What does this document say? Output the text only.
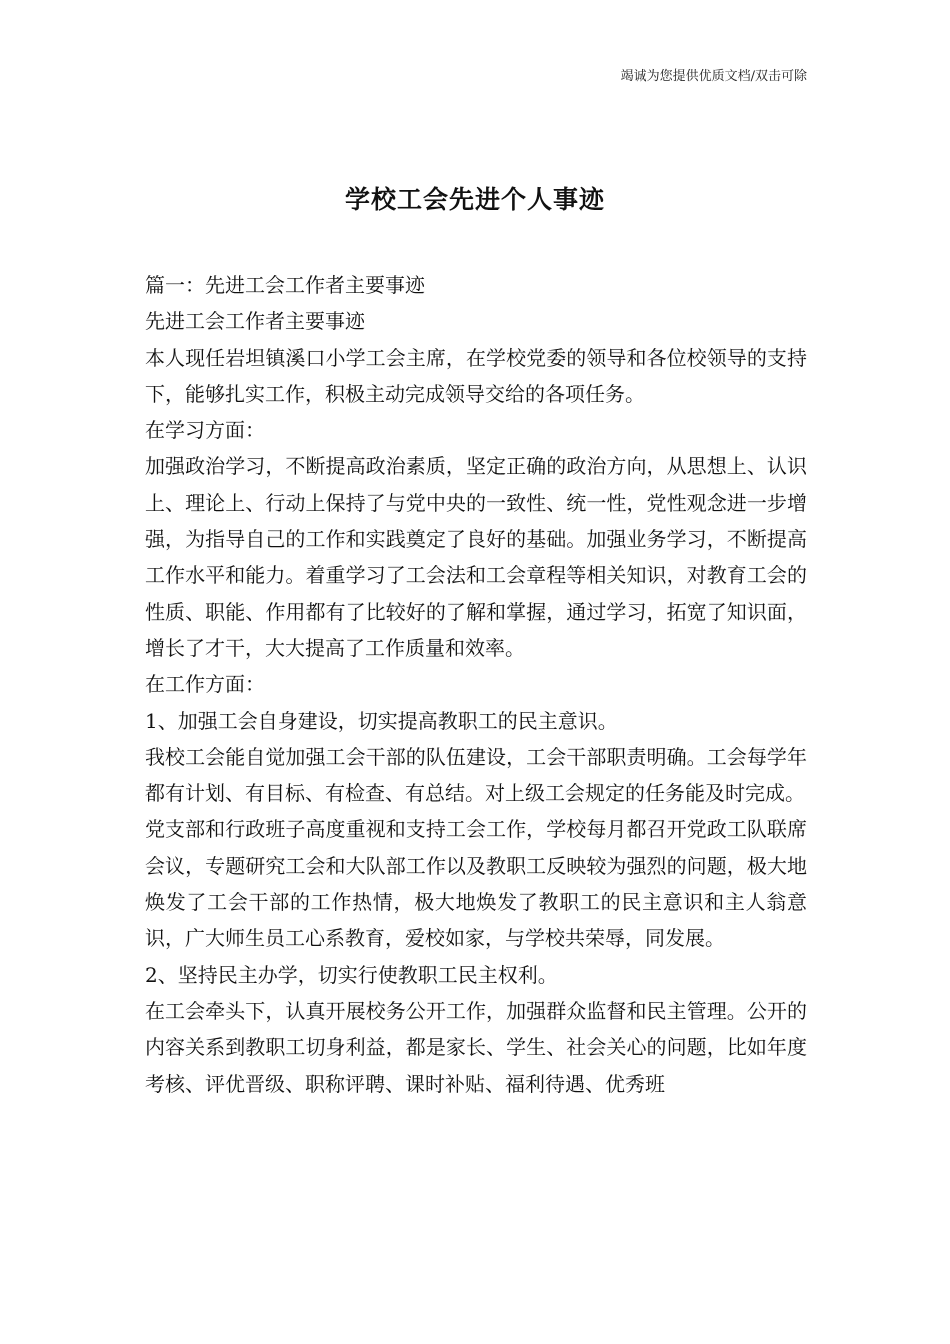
竭诚为您提供优质文档/双击可除
学校工会先进个人事迹

篇一：先进工会工作者主要事迹

先进工会工作者主要事迹

本人现任岩坦镇溪口小学工会主席，在学校党委的领导和各位校领导的支持下，能够扎实工作，积极主动完成领导交给的各项任务。

在学习方面：

加强政治学习，不断提高政治素质，坚定正确的政治方向，从思想上、认识上、理论上、行动上保持了与党中央的一致性、统一性，党性观念进一步增强，为指导自己的工作和实践奠定了良好的基础。加强业务学习，不断提高工作水平和能力。着重学习了工会法和工会章程等相关知识，对教育工会的性质、职能、作用都有了比较好的了解和掌握，通过学习，拓宽了知识面，增长了才干，大大提高了工作质量和效率。

在工作方面：

1、加强工会自身建设，切实提高教职工的民主意识。

我校工会能自觉加强工会干部的队伍建设，工会干部职责明确。工会每学年都有计划、有目标、有检查、有总结。对上级工会规定的任务能及时完成。

党支部和行政班子高度重视和支持工会工作，学校每月都召开党政工队联席会议，专题研究工会和大队部工作以及教职工反映较为强烈的问题，极大地焕发了工会干部的工作热情，极大地焕发了教职工的民主意识和主人翁意识，广大师生员工心系教育，爱校如家，与学校共荣辱，同发展。

2、坚持民主办学，切实行使教职工民主权利。

在工会牵头下，认真开展校务公开工作，加强群众监督和民主管理。公开的内容关系到教职工切身利益，都是家长、学生、社会关心的问题，比如年度考核、评优晋级、职称评聘、课时补贴、福利待遇、优秀班
